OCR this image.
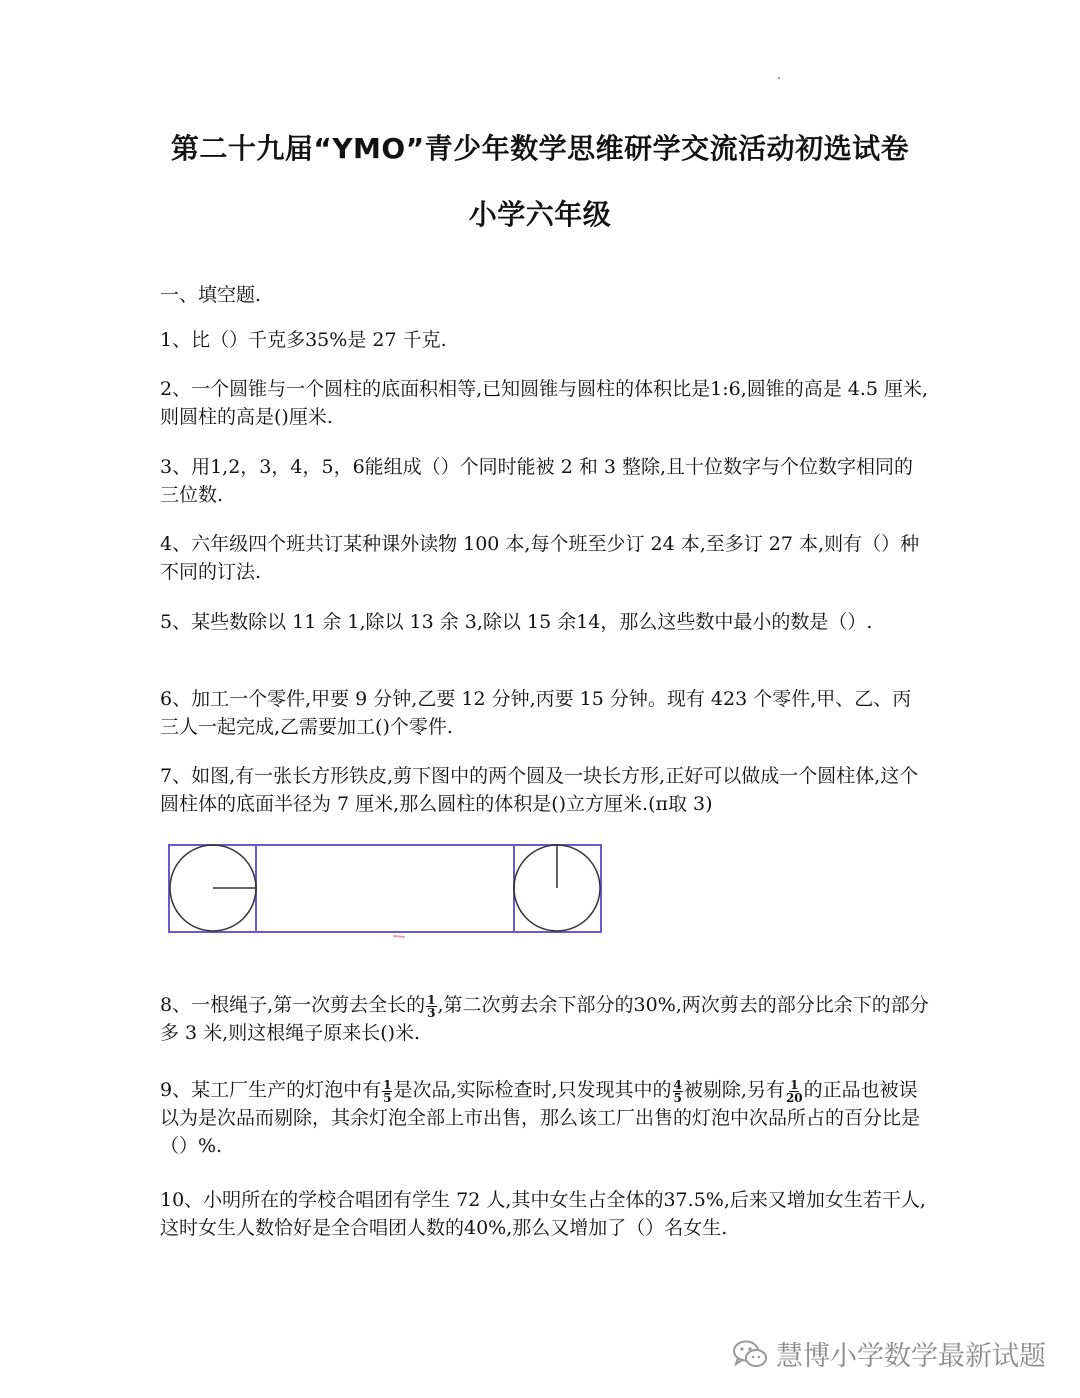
第二十九届“YMO”青少年数学思维研学交流活动初选试卷
小学六年级
一、填空题.
1、比（）千克多35%是 27 千克.
2、一个圆锥与一个圆柱的底面积相等,已知圆锥与圆柱的体积比是1:6,圆锥的高是 4.5 厘米,则圆柱的高是()厘米.
3、用1,2，3，4，5，6能组成（）个同时能被 2 和 3 整除,且十位数字与个位数字相同的三位数.
4、六年级四个班共订某种课外读物 100 本,每个班至少订 24 本,至多订 27 本,则有（）种不同的订法.
5、某些数除以 11 余 1,除以 13 余 3,除以 15 余14，那么这些数中最小的数是（）.
6、加工一个零件,甲要 9 分钟,乙要 12 分钟,丙要 15 分钟。现有 423 个零件,甲、乙、丙三人一起完成,乙需要加工()个零件.
7、如图,有一张长方形铁皮,剪下图中的两个圆及一块长方形,正好可以做成一个圆柱体,这个圆柱体的底面半径为 7 厘米,那么圆柱的体积是()立方厘米.(π取 3)
8、一根绳子,第一次剪去全长的 $\frac{1}{3}$ ,第二次剪去余下部分的30%,两次剪去的部分比余下的部分多 3 米,则这根绳子原来长()米.
9、某工厂生产的灯泡中有 $\frac{1}{5}$ 是次品,实际检查时,只发现其中的 $\frac{4}{5}$ 被剔除,另有 $\frac{1}{20}$ 的正品也被误以为是次品而剔除，其余灯泡全部上市出售，那么该工厂出售的灯泡中次品所占的百分比是（）%.
10、小明所在的学校合唱团有学生 72 人,其中女生占全体的37.5%,后来又增加女生若干人,这时女生人数恰好是全合唱团人数的40%,那么又增加了（）名女生.
慧博小学数学最新试题
